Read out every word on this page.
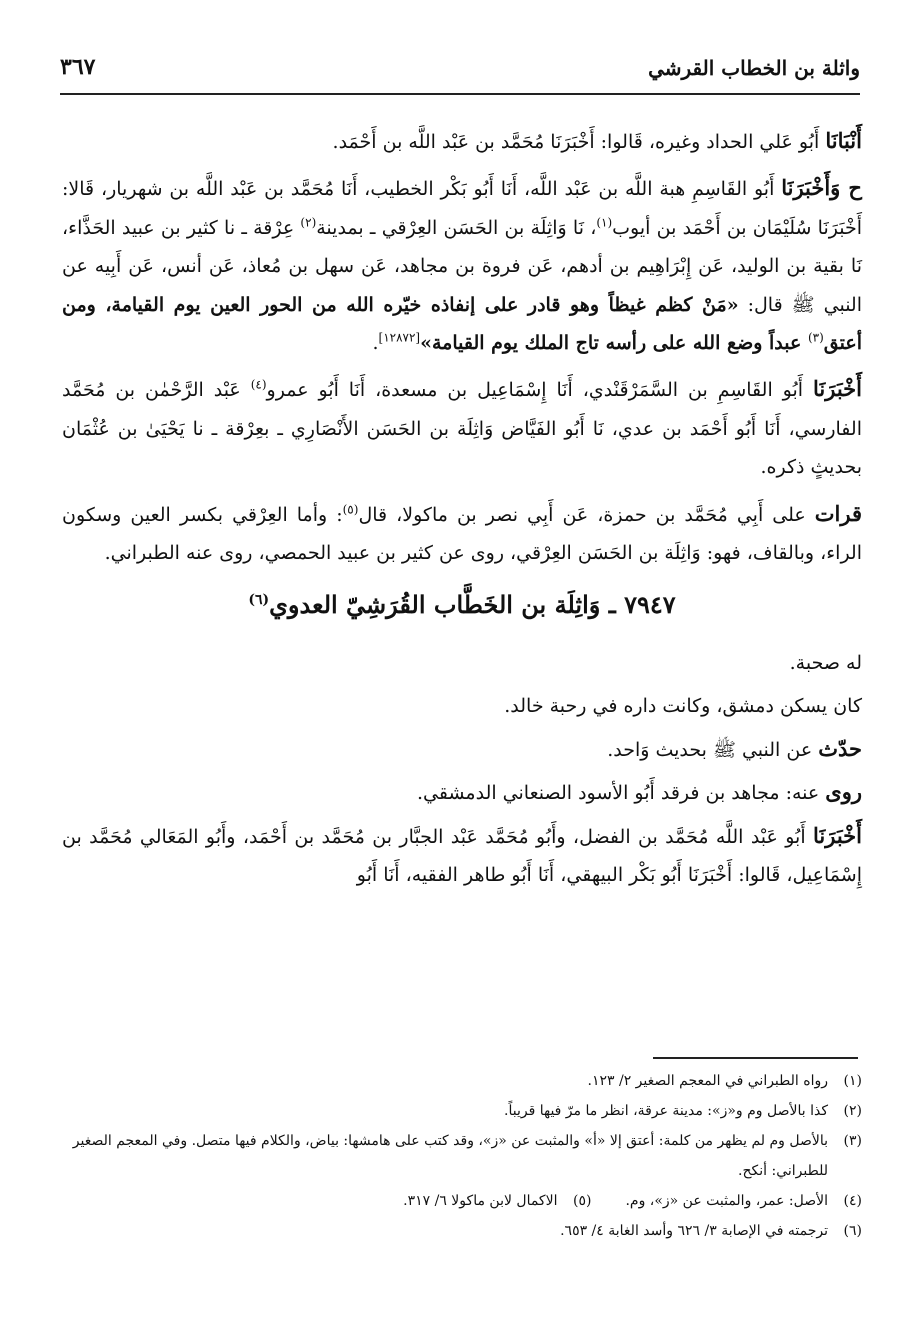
واثلة بن الخطاب القرشي
٣٦٧

أَنْبَانَا أَبُو عَلي الحداد وغيره، قَالوا: أَخْبَرَنَا مُحَمَّد بن عَبْد اللَّه بن أَحْمَد.

ح وَأَخْبَرَنَا أَبُو القَاسِمِ هبة اللَّه بن عَبْد اللَّه، أَنَا أَبُو بَكْر الخطيب، أَنَا مُحَمَّد بن عَبْد اللَّه بن شهريار، قَالا: أَخْبَرَنَا سُلَيْمَان بن أَحْمَد بن أيوب$^{(١)}$، نَا وَاثِلَة بن الحَسَن العِرْقي ـ بمدينة$^{(٢)}$ عِرْقة ـ نا كثير بن عبيد الحَذَّاء، نَا بقية بن الوليد، عَن إِبْرَاهِيم بن أدهم، عَن فروة بن مجاهد، عَن سهل بن مُعاذ، عَن أنس، عَن أَبِيه عن النبي ﷺ قال: «مَنْ كظم غيظاً وهو قادر على إنفاذه خيّره الله من الحور العين يوم القيامة، ومن أعتق$^{(٣)}$ عبداً وضع الله على رأسه تاج الملك يوم القيامة»[١٢٨٧٢].

أَخْبَرَنَا أَبُو القَاسِمِ بن السَّمَرْقَنْدي، أَنَا إِسْمَاعِيل بن مسعدة، أَنَا أَبُو عمرو$^{(٤)}$ عَبْد الرَّحْمٰن بن مُحَمَّد الفارسي، أَنَا أَبُو أَحْمَد بن عدي، نَا أَبُو الفَيَّاض وَاثِلَة بن الحَسَن الأَنْصَارِي ـ بعِرْقة ـ نا يَحْيَىٰ بن عُثْمَان بحديثٍ ذكره.

قرات على أَبِي مُحَمَّد بن حمزة، عَن أَبِي نصر بن ماكولا، قال$^{(٥)}$: وأما العِرْقي بكسر العين وسكون الراء، وبالقاف، فهو: وَاثِلَة بن الحَسَن العِرْقي، روى عن كثير بن عبيد الحمصي، روى عنه الطبراني.

٧٩٤٧ ـ وَاثِلَة بن الخَطَّاب القُرَشِيّ العدوي$^{(٦)}$

له صحبة.

كان يسكن دمشق، وكانت داره في رحبة خالد.

حدّث عن النبي ﷺ بحديث وَاحد.

روى عنه: مجاهد بن فرقد أَبُو الأسود الصنعاني الدمشقي.

أَخْبَرَنَا أَبُو عَبْد اللَّه مُحَمَّد بن الفضل، وأَبُو مُحَمَّد عَبْد الجبَّار بن مُحَمَّد بن أَحْمَد، وأَبُو المَعَالي مُحَمَّد بن إِسْمَاعِيل، قَالوا: أَخْبَرَنَا أَبُو بَكْر البيهقي، أَنَا أَبُو طاهر الفقيه، أَنَا أَبُو

(١)
رواه الطبراني في المعجم الصغير ٢/ ١٢٣.
(٢)
كذا بالأصل وم و«ز»: مدينة عرقة، انظر ما مرّ فيها قريباً.
(٣)
بالأصل وم لم يظهر من كلمة: أعتق إلا «أ» والمثبت عن «ز»، وقد كتب على هامشها: بياض، والكلام فيها متصل. وفي المعجم الصغير للطبراني: أنكح.
(٤)
الأصل: عمر، والمثبت عن «ز»، وم.
(٥)
الاكمال لابن ماكولا ٦/ ٣١٧.
(٦)
ترجمته في الإصابة ٣/ ٦٢٦ وأسد الغابة ٤/ ٦٥٣.
